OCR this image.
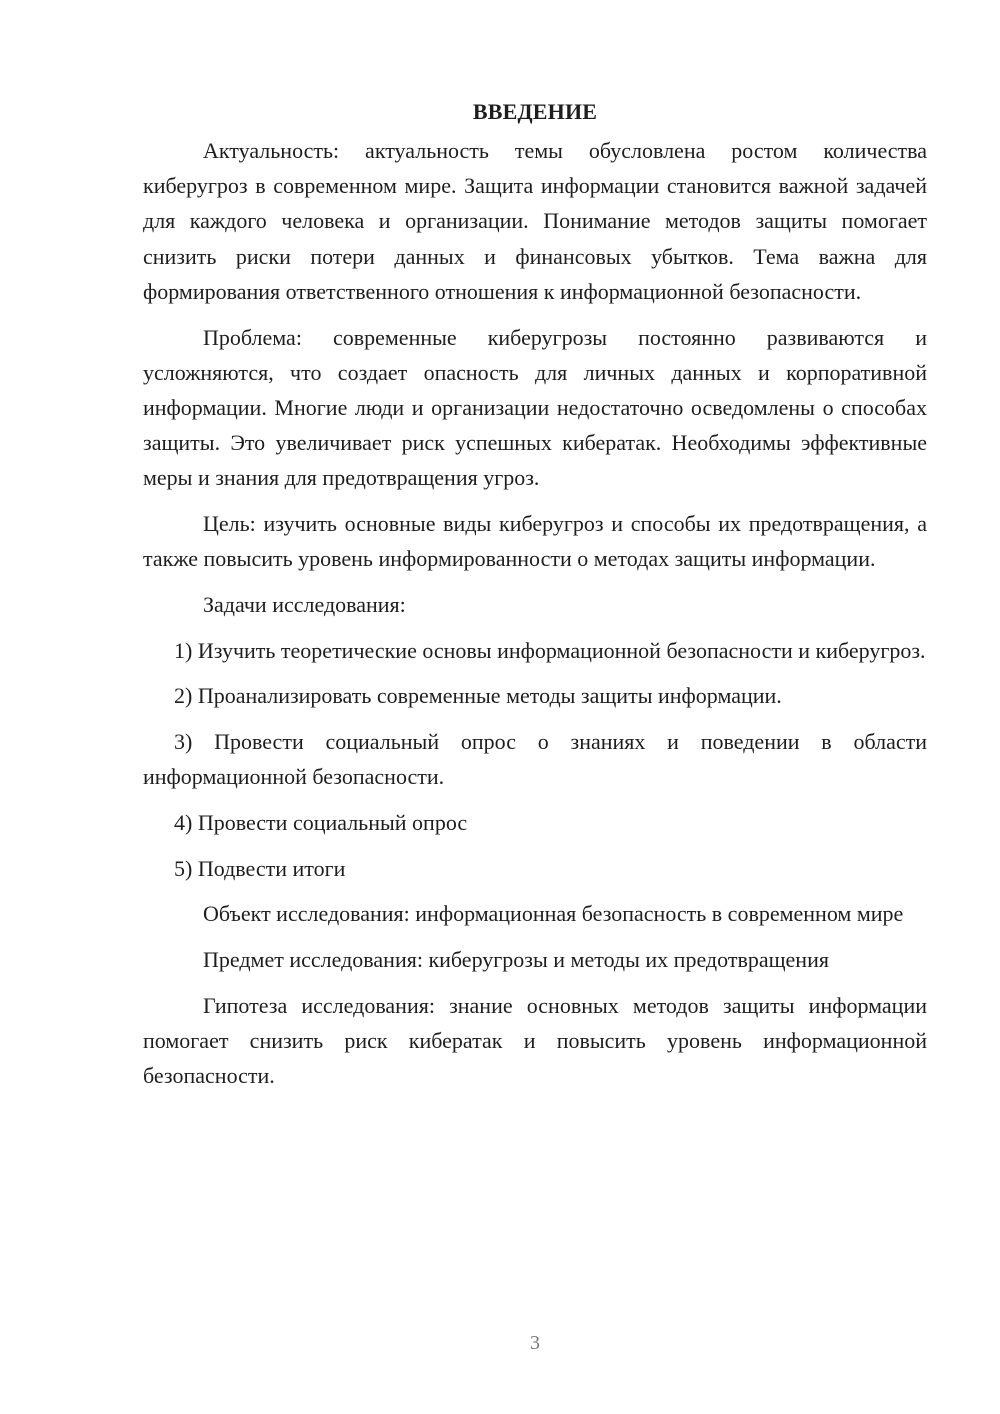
ВВЕДЕНИЕ

Актуальность: актуальность темы обусловлена ростом количества киберугроз в современном мире. Защита информации становится важной задачей для каждого человека и организации. Понимание методов защиты помогает снизить риски потери данных и финансовых убытков. Тема важна для формирования ответственного отношения к информационной безопасности.

Проблема: современные киберугрозы постоянно развиваются и усложняются, что создает опасность для личных данных и корпоративной информации. Многие люди и организации недостаточно осведомлены о способах защиты. Это увеличивает риск успешных кибератак. Необходимы эффективные меры и знания для предотвращения угроз.

Цель: изучить основные виды киберугроз и способы их предотвращения, а также повысить уровень информированности о методах защиты информации.

Задачи исследования:

1) Изучить теоретические основы информационной безопасности и киберугроз.

2) Проанализировать современные методы защиты информации.

3) Провести социальный опрос о знаниях и поведении в области информационной безопасности.

4) Провести социальный опрос

5) Подвести итоги

Объект исследования: информационная безопасность в современном мире

Предмет исследования: киберугрозы и методы их предотвращения

Гипотеза исследования: знание основных методов защиты информации помогает снизить риск кибератак и повысить уровень информационной безопасности.

3
